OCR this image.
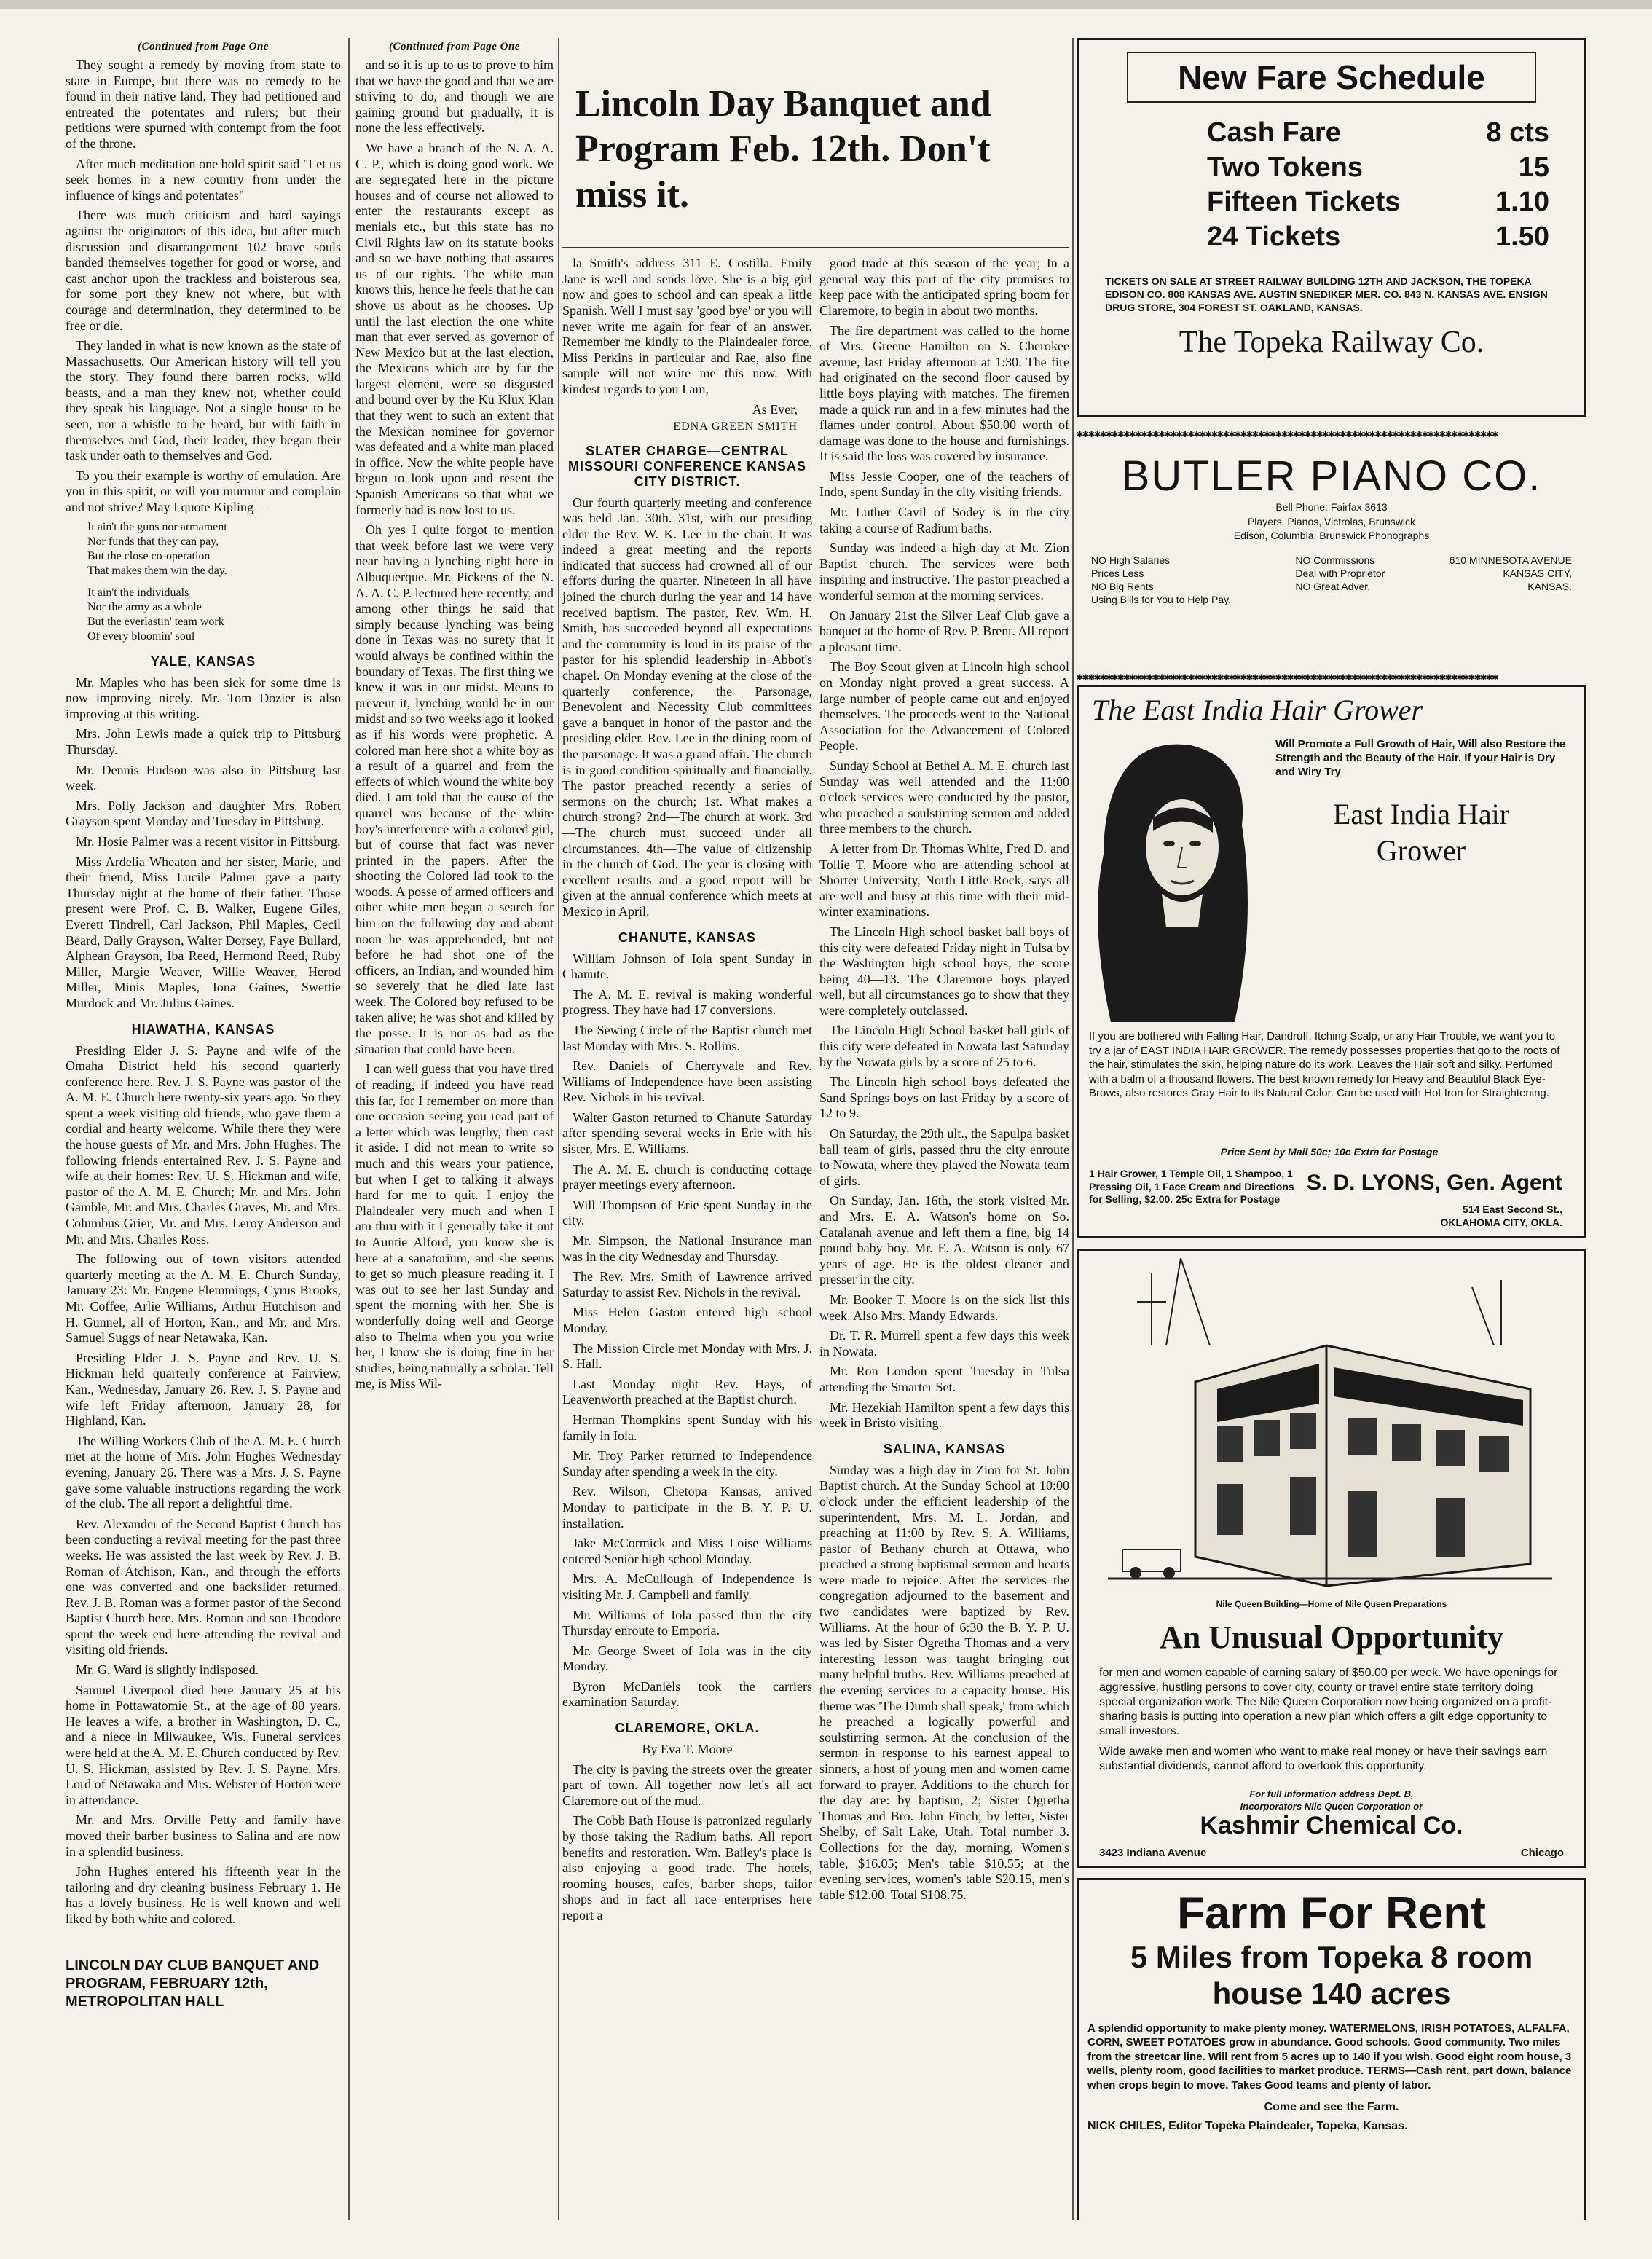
(Continued from Page One

They sought a remedy by moving from state to state in Europe, but there was no remedy to be found in their native land. They had petitioned and entreated the potentates and rulers; but their petitions were spurned with contempt from the foot of the throne.

After much meditation one bold spirit said "Let us seek homes in a new country from under the influence of kings and potentates"

There was much criticism and hard sayings against the originators of this idea, but after much discussion and disarrangement 102 brave souls banded themselves together for good or worse, and cast anchor upon the trackless and boisterous sea, for some port they knew not where, but with courage and determination, they determined to be free or die.

They landed in what is now known as the state of Massachusetts. Our American history will tell you the story. They found there barren rocks, wild beasts, and a man they knew not, whether could they speak his language. Not a single house to be seen, nor a whistle to be heard, but with faith in themselves and God, their leader, they began their task under oath to themselves and God.

To you their example is worthy of emulation. Are you in this spirit, or will you murmur and complain and not strive? May I quote Kipling—

It ain't the guns nor armament
Nor funds that they can pay,
But the close co-operation
That makes them win the day.
It ain't the individuals
Nor the army as a whole
But the everlastin' team work
Of every bloomin' soul
YALE, KANSAS

Mr. Maples who has been sick for some time is now improving nicely. Mr. Tom Dozier is also improving at this writing.

Mrs. John Lewis made a quick trip to Pittsburg Thursday.

Mr. Dennis Hudson was also in Pittsburg last week.

Mrs. Polly Jackson and daughter Mrs. Robert Grayson spent Monday and Tuesday in Pittsburg.

Mr. Hosie Palmer was a recent visitor in Pittsburg.

Miss Ardelia Wheaton and her sister, Marie, and their friend, Miss Lucile Palmer gave a party Thursday night at the home of their father. Those present were Prof. C. B. Walker, Eugene Giles, Everett Tindrell, Carl Jackson, Phil Maples, Cecil Beard, Daily Grayson, Walter Dorsey, Faye Bullard, Alphean Grayson, Iba Reed, Hermond Reed, Ruby Miller, Margie Weaver, Willie Weaver, Herod Miller, Minis Maples, Iona Gaines, Swettie Murdock and Mr. Julius Gaines.

HIAWATHA, KANSAS

Presiding Elder J. S. Payne and wife of the Omaha District held his second quarterly conference here. Rev. J. S. Payne was pastor of the A. M. E. Church here twenty-six years ago. So they spent a week visiting old friends, who gave them a cordial and hearty welcome. While there they were the house guests of Mr. and Mrs. John Hughes. The following friends entertained Rev. J. S. Payne and wife at their homes: Rev. U. S. Hickman and wife, pastor of the A. M. E. Church; Mr. and Mrs. John Gamble, Mr. and Mrs. Charles Graves, Mr. and Mrs. Columbus Grier, Mr. and Mrs. Leroy Anderson and Mr. and Mrs. Charles Ross.

The following out of town visitors attended quarterly meeting at the A. M. E. Church Sunday, January 23: Mr. Eugene Flemmings, Cyrus Brooks, Mr. Coffee, Arlie Williams, Arthur Hutchison and H. Gunnel, all of Horton, Kan., and Mr. and Mrs. Samuel Suggs of near Netawaka, Kan.

Presiding Elder J. S. Payne and Rev. U. S. Hickman held quarterly conference at Fairview, Kan., Wednesday, January 26. Rev. J. S. Payne and wife left Friday afternoon, January 28, for Highland, Kan.

The Willing Workers Club of the A. M. E. Church met at the home of Mrs. John Hughes Wednesday evening, January 26. There was a Mrs. J. S. Payne gave some valuable instructions regarding the work of the club. The all report a delightful time.

Rev. Alexander of the Second Baptist Church has been conducting a revival meeting for the past three weeks. He was assisted the last week by Rev. J. B. Roman of Atchison, Kan., and through the efforts one was converted and one backslider returned. Rev. J. B. Roman was a former pastor of the Second Baptist Church here. Mrs. Roman and son Theodore spent the week end here attending the revival and visiting old friends.

Mr. G. Ward is slightly indisposed.

Samuel Liverpool died here January 25 at his home in Pottawatomie St., at the age of 80 years. He leaves a wife, a brother in Washington, D. C., and a niece in Milwaukee, Wis. Funeral services were held at the A. M. E. Church conducted by Rev. U. S. Hickman, assisted by Rev. J. S. Payne. Mrs. Lord of Netawaka and Mrs. Webster of Horton were in attendance.

Mr. and Mrs. Orville Petty and family have moved their barber business to Salina and are now in a splendid business.

John Hughes entered his fifteenth year in the tailoring and dry cleaning business February 1. He has a lovely business. He is well known and well liked by both white and colored.

LINCOLN DAY CLUB BANQUET AND PROGRAM, FEBRUARY 12th, METROPOLITAN HALL
(Continued from Page One

and so it is up to us to prove to him that we have the good and that we are striving to do, and though we are gaining ground but gradually, it is none the less effectively.

We have a branch of the N. A. A. C. P., which is doing good work. We are segregated here in the picture houses and of course not allowed to enter the restaurants except as menials etc., but this state has no Civil Rights law on its statute books and so we have nothing that assures us of our rights. The white man knows this, hence he feels that he can shove us about as he chooses. Up until the last election the one white man that ever served as governor of New Mexico but at the last election, the Mexicans which are by far the largest element, were so disgusted and bound over by the Ku Klux Klan that they went to such an extent that the Mexican nominee for governor was defeated and a white man placed in office. Now the white people have begun to look upon and resent the Spanish Americans so that what we formerly had is now lost to us.

Oh yes I quite forgot to mention that week before last we were very near having a lynching right here in Albuquerque. Mr. Pickens of the N. A. A. C. P. lectured here recently, and among other things he said that simply because lynching was being done in Texas was no surety that it would always be confined within the boundary of Texas. The first thing we knew it was in our midst. Means to prevent it, lynching would be in our midst and so two weeks ago it looked as if his words were prophetic. A colored man here shot a white boy as a result of a quarrel and from the effects of which wound the white boy died. I am told that the cause of the quarrel was because of the white boy's interference with a colored girl, but of course that fact was never printed in the papers. After the shooting the Colored lad took to the woods. A posse of armed officers and other white men began a search for him on the following day and about noon he was apprehended, but not before he had shot one of the officers, an Indian, and wounded him so severely that he died late last week. The Colored boy refused to be taken alive; he was shot and killed by the posse. It is not as bad as the situation that could have been.

I can well guess that you have tired of reading, if indeed you have read this far, for I remember on more than one occasion seeing you read part of a letter which was lengthy, then cast it aside. I did not mean to write so much and this wears your patience, but when I get to talking it always hard for me to quit. I enjoy the Plaindealer very much and when I am thru with it I generally take it out to Auntie Alford, you know she is here at a sanatorium, and she seems to get so much pleasure reading it. I was out to see her last Sunday and spent the morning with her. She is wonderfully doing well and George also to Thelma when you you write her, I know she is doing fine in her studies, being naturally a scholar. Tell me, is Miss Wil-

Lincoln Day Banquet and Program Feb. 12th. Don't miss it.

la Smith's address 311 E. Costilla. Emily Jane is well and sends love. She is a big girl now and goes to school and can speak a little Spanish. Well I must say 'good bye' or you will never write me again for fear of an answer. Remember me kindly to the Plaindealer force, Miss Perkins in particular and Rae, also fine sample will not write me this now. With kindest regards to you I am,

As Ever,
EDNA GREEN SMITH
SLATER CHARGE—CENTRAL MISSOURI CONFERENCE KANSAS CITY DISTRICT.

Our fourth quarterly meeting and conference was held Jan. 30th. 31st, with our presiding elder the Rev. W. K. Lee in the chair. It was indeed a great meeting and the reports indicated that success had crowned all of our efforts during the quarter. Nineteen in all have joined the church during the year and 14 have received baptism. The pastor, Rev. Wm. H. Smith, has succeeded beyond all expectations and the community is loud in its praise of the pastor for his splendid leadership in Abbot's chapel. On Monday evening at the close of the quarterly conference, the Parsonage, Benevolent and Necessity Club committees gave a banquet in honor of the pastor and the presiding elder. Rev. Lee in the dining room of the parsonage. It was a grand affair. The church is in good condition spiritually and financially. The pastor preached recently a series of sermons on the church; 1st. What makes a church strong? 2nd—The church at work. 3rd—The church must succeed under all circumstances. 4th—The value of citizenship in the church of God. The year is closing with excellent results and a good report will be given at the annual conference which meets at Mexico in April.

CHANUTE, KANSAS

William Johnson of Iola spent Sunday in Chanute.

The A. M. E. revival is making wonderful progress. They have had 17 conversions.

The Sewing Circle of the Baptist church met last Monday with Mrs. S. Rollins.

Rev. Daniels of Cherryvale and Rev. Williams of Independence have been assisting Rev. Nichols in his revival.

Walter Gaston returned to Chanute Saturday after spending several weeks in Erie with his sister, Mrs. E. Williams.

The A. M. E. church is conducting cottage prayer meetings every afternoon.

Will Thompson of Erie spent Sunday in the city.

Mr. Simpson, the National Insurance man was in the city Wednesday and Thursday.

The Rev. Mrs. Smith of Lawrence arrived Saturday to assist Rev. Nichols in the revival.

Miss Helen Gaston entered high school Monday.

The Mission Circle met Monday with Mrs. J. S. Hall.

Last Monday night Rev. Hays, of Leavenworth preached at the Baptist church.

Herman Thompkins spent Sunday with his family in Iola.

Mr. Troy Parker returned to Independence Sunday after spending a week in the city.

Rev. Wilson, Chetopa Kansas, arrived Monday to participate in the B. Y. P. U. installation.

Jake McCormick and Miss Loise Williams entered Senior high school Monday.

Mrs. A. McCullough of Independence is visiting Mr. J. Campbell and family.

Mr. Williams of Iola passed thru the city Thursday enroute to Emporia.

Mr. George Sweet of Iola was in the city Monday.

Byron McDaniels took the carriers examination Saturday.

CLAREMORE, OKLA.

By Eva T. Moore

The city is paving the streets over the greater part of town. All together now let's all act Claremore out of the mud.

The Cobb Bath House is patronized regularly by those taking the Radium baths. All report benefits and restoration. Wm. Bailey's place is also enjoying a good trade. The hotels, rooming houses, cafes, barber shops, tailor shops and in fact all race enterprises here report a

good trade at this season of the year; In a general way this part of the city promises to keep pace with the anticipated spring boom for Claremore, to begin in about two months.

The fire department was called to the home of Mrs. Greene Hamilton on S. Cherokee avenue, last Friday afternoon at 1:30. The fire had originated on the second floor caused by little boys playing with matches. The firemen made a quick run and in a few minutes had the flames under control. About $50.00 worth of damage was done to the house and furnishings. It is said the loss was covered by insurance.

Miss Jessie Cooper, one of the teachers of Indo, spent Sunday in the city visiting friends.

Mr. Luther Cavil of Sodey is in the city taking a course of Radium baths.

Sunday was indeed a high day at Mt. Zion Baptist church. The services were both inspiring and instructive. The pastor preached a wonderful sermon at the morning services.

On January 21st the Silver Leaf Club gave a banquet at the home of Rev. P. Brent. All report a pleasant time.

The Boy Scout given at Lincoln high school on Monday night proved a great success. A large number of people came out and enjoyed themselves. The proceeds went to the National Association for the Advancement of Colored People.

Sunday School at Bethel A. M. E. church last Sunday was well attended and the 11:00 o'clock services were conducted by the pastor, who preached a soulstirring sermon and added three members to the church.

A letter from Dr. Thomas White, Fred D. and Tollie T. Moore who are attending school at Shorter University, North Little Rock, says all are well and busy at this time with their mid-winter examinations.

The Lincoln High school basket ball boys of this city were defeated Friday night in Tulsa by the Washington high school boys, the score being 40—13. The Claremore boys played well, but all circumstances go to show that they were completely outclassed.

The Lincoln High School basket ball girls of this city were defeated in Nowata last Saturday by the Nowata girls by a score of 25 to 6.

The Lincoln high school boys defeated the Sand Springs boys on last Friday by a score of 12 to 9.

On Saturday, the 29th ult., the Sapulpa basket ball team of girls, passed thru the city enroute to Nowata, where they played the Nowata team of girls.

On Sunday, Jan. 16th, the stork visited Mr. and Mrs. E. A. Watson's home on So. Catalanah avenue and left them a fine, big 14 pound baby boy. Mr. E. A. Watson is only 67 years of age. He is the oldest cleaner and presser in the city.

Mr. Booker T. Moore is on the sick list this week. Also Mrs. Mandy Edwards.

Dr. T. R. Murrell spent a few days this week in Nowata.

Mr. Ron London spent Tuesday in Tulsa attending the Smarter Set.

Mr. Hezekiah Hamilton spent a few days this week in Bristo visiting.

SALINA, KANSAS

Sunday was a high day in Zion for St. John Baptist church. At the Sunday School at 10:00 o'clock under the efficient leadership of the superintendent, Mrs. M. L. Jordan, and preaching at 11:00 by Rev. S. A. Williams, pastor of Bethany church at Ottawa, who preached a strong baptismal sermon and hearts were made to rejoice. After the services the congregation adjourned to the basement and two candidates were baptized by Rev. Williams. At the hour of 6:30 the B. Y. P. U. was led by Sister Ogretha Thomas and a very interesting lesson was taught bringing out many helpful truths. Rev. Williams preached at the evening services to a capacity house. His theme was 'The Dumb shall speak,' from which he preached a logically powerful and soulstirring sermon. At the conclusion of the sermon in response to his earnest appeal to sinners, a host of young men and women came forward to prayer. Additions to the church for the day are: by baptism, 2; Sister Ogretha Thomas and Bro. John Finch; by letter, Sister Shelby, of Salt Lake, Utah. Total number 3. Collections for the day, morning, Women's table, $16.05; Men's table $10.55; at the evening services, women's table $20.15, men's table $12.00. Total $108.75.

New Fare Schedule
Cash Fare	8 cts
Two Tokens	15
Fifteen Tickets	1.10
24 Tickets	1.50
TICKETS ON SALE AT STREET RAILWAY BUILDING 12TH AND JACKSON, THE TOPEKA EDISON CO. 808 KANSAS AVE. AUSTIN SNEDIKER MER. CO. 843 N. KANSAS AVE. ENSIGN DRUG STORE, 304 FOREST ST. OAKLAND, KANSAS.
The Topeka Railway Co.
✱✱✱✱✱✱✱✱✱✱✱✱✱✱✱✱✱✱✱✱✱✱✱✱✱✱✱✱✱✱✱✱✱✱✱✱✱✱✱✱✱✱✱✱✱✱✱✱✱✱✱✱✱✱✱✱✱✱✱✱✱✱✱✱✱✱✱✱✱✱✱✱
BUTLER PIANO CO.
Bell Phone: Fairfax 3613
Players, Pianos, Victrolas, Brunswick
Edison, Columbia, Brunswick Phonographs
NO High Salaries
Prices Less
NO Big Rents
Using Bills for You to Help Pay.
NO Commissions
Deal with Proprietor
NO Great Adver.
610 MINNESOTA AVENUE
KANSAS CITY,
KANSAS.
✱✱✱✱✱✱✱✱✱✱✱✱✱✱✱✱✱✱✱✱✱✱✱✱✱✱✱✱✱✱✱✱✱✱✱✱✱✱✱✱✱✱✱✱✱✱✱✱✱✱✱✱✱✱✱✱✱✱✱✱✱✱✱✱✱✱✱✱✱✱✱✱
The East India Hair Grower
Will Promote a Full Growth of Hair, Will also Restore the Strength and the Beauty of the Hair. If your Hair is Dry and Wiry Try
East India Hair
Grower
If you are bothered with Falling Hair, Dandruff, Itching Scalp, or any Hair Trouble, we want you to try a jar of EAST INDIA HAIR GROWER. The remedy possesses properties that go to the roots of the hair, stimulates the skin, helping nature do its work. Leaves the Hair soft and silky. Perfumed with a balm of a thousand flowers. The best known remedy for Heavy and Beautiful Black Eye-Brows, also restores Gray Hair to its Natural Color. Can be used with Hot Iron for Straightening.
Price Sent by Mail 50c; 10c Extra for Postage
1 Hair Grower, 1 Temple Oil, 1 Shampoo, 1 Pressing Oil, 1 Face Cream and Directions for Selling, $2.00. 25c Extra for Postage
S. D. LYONS, Gen. Agent
514 East Second St.,
OKLAHOMA CITY, OKLA.
Nile Queen Building—Home of Nile Queen Preparations
An Unusual Opportunity
for men and women capable of earning salary of $50.00 per week. We have openings for aggressive, hustling persons to cover city, county or travel entire state territory doing special organization work. The Nile Queen Corporation now being organized on a profit-sharing basis is putting into operation a new plan which offers a gilt edge opportunity to small investors.
Wide awake men and women who want to make real money or have their savings earn substantial dividends, cannot afford to overlook this opportunity.
For full information address Dept. B,
Incorporators Nile Queen Corporation or
Kashmir Chemical Co.
3423 Indiana Avenue	Chicago
Farm For Rent
5 Miles from Topeka 8 room
house 140 acres
A splendid opportunity to make plenty money. WATERMELONS, IRISH POTATOES, ALFALFA, CORN, SWEET POTATOES grow in abundance. Good schools. Good community. Two miles from the streetcar line. Will rent from 5 acres up to 140 if you wish. Good eight room house, 3 wells, plenty room, good facilities to market produce. TERMS—Cash rent, part down, balance when crops begin to move. Takes Good teams and plenty of labor.
Come and see the Farm.
NICK CHILES, Editor Topeka Plaindealer, Topeka, Kansas.
